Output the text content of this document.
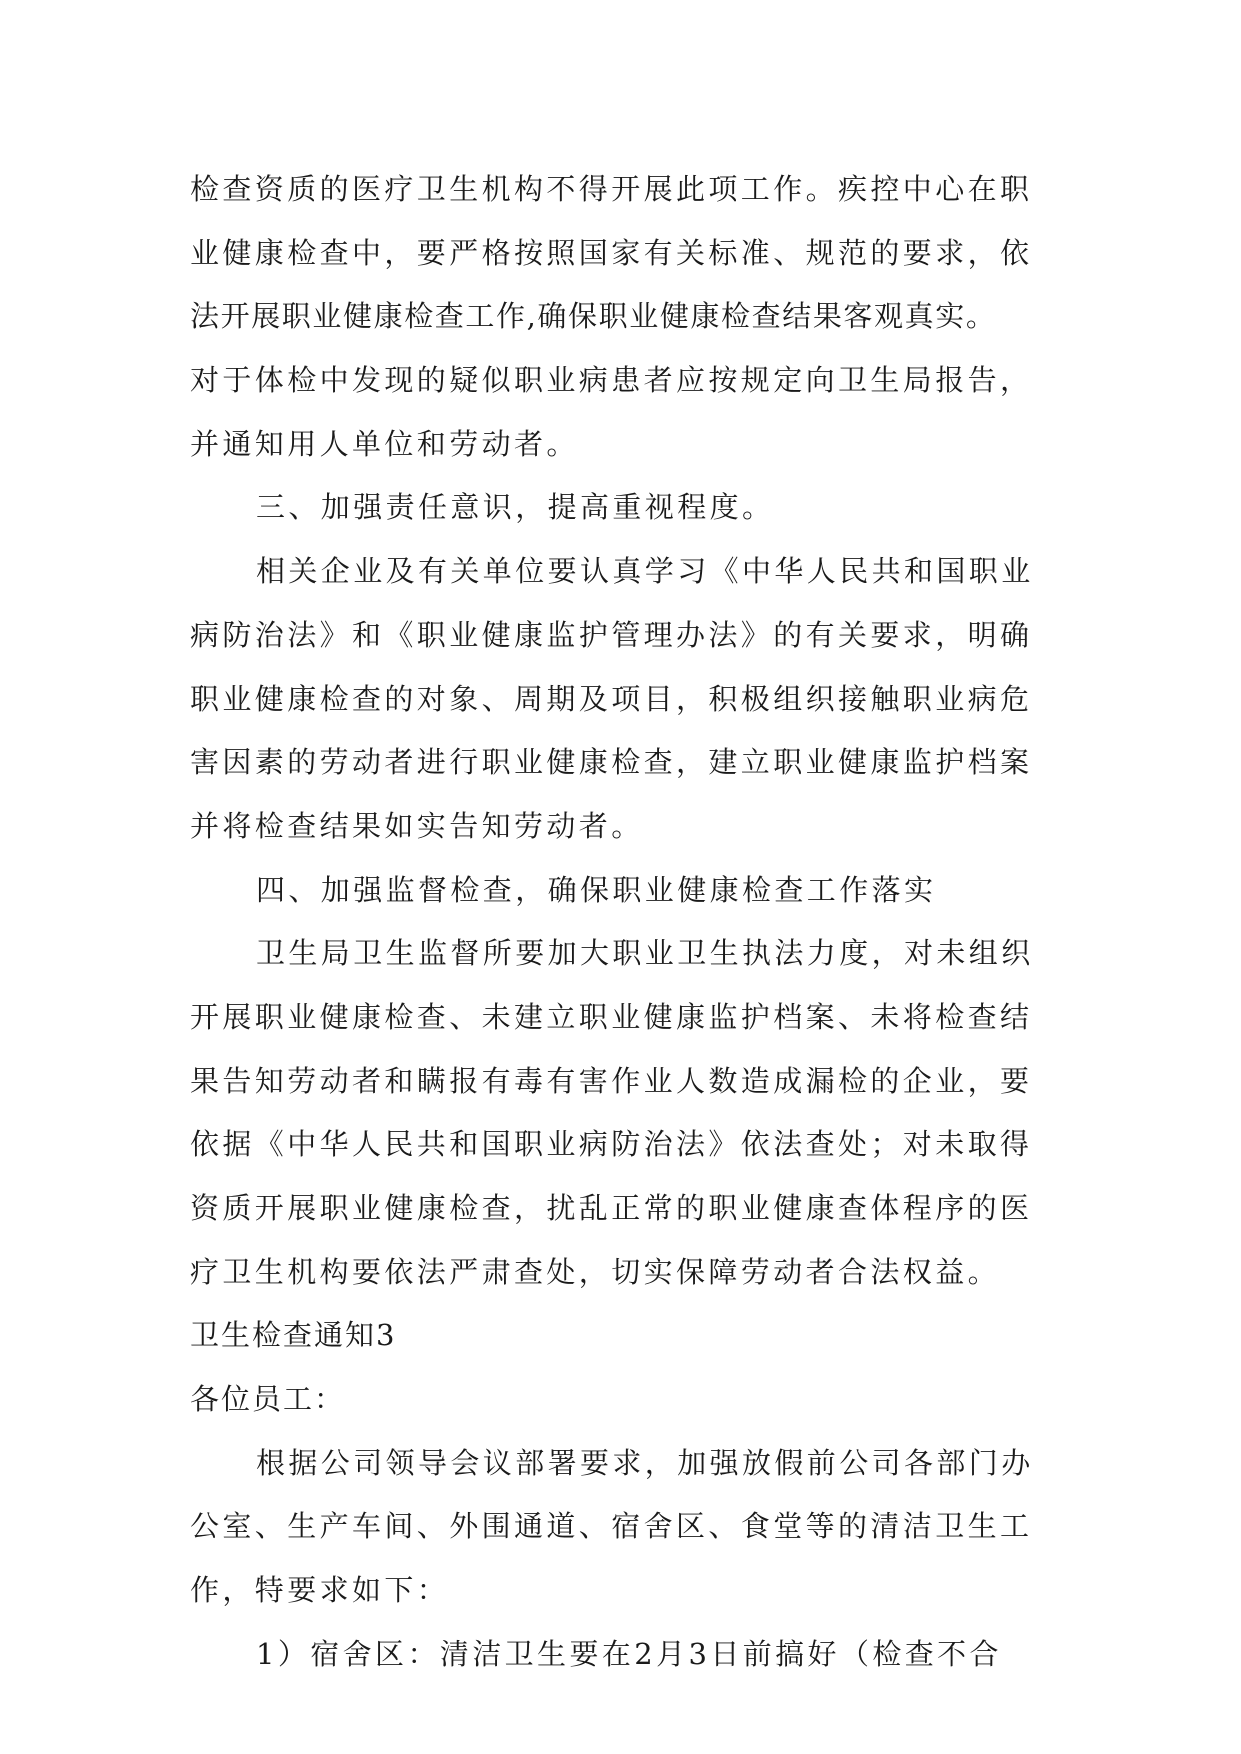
检查资质的医疗卫生机构不得开展此项工作。疾控中心在职
业健康检查中，要严格按照国家有关标准、规范的要求，依
法开展职业健康检查工作,确保职业健康检查结果客观真实。
对于体检中发现的疑似职业病患者应按规定向卫生局报告，
并通知用人单位和劳动者。
三、加强责任意识，提高重视程度。
相关企业及有关单位要认真学习《中华人民共和国职业
病防治法》和《职业健康监护管理办法》的有关要求，明确
职业健康检查的对象、周期及项目，积极组织接触职业病危
害因素的劳动者进行职业健康检查，建立职业健康监护档案
并将检查结果如实告知劳动者。
四、加强监督检查，确保职业健康检查工作落实
卫生局卫生监督所要加大职业卫生执法力度，对未组织
开展职业健康检查、未建立职业健康监护档案、未将检查结
果告知劳动者和瞒报有毒有害作业人数造成漏检的企业，要
依据《中华人民共和国职业病防治法》依法查处；对未取得
资质开展职业健康检查，扰乱正常的职业健康查体程序的医
疗卫生机构要依法严肃查处，切实保障劳动者合法权益。
卫生检查通知3
各位员工：
根据公司领导会议部署要求，加强放假前公司各部门办
公室、生产车间、外围通道、宿舍区、食堂等的清洁卫生工
作，特要求如下：
1）宿舍区：清洁卫生要在2月3日前搞好（检查不合
